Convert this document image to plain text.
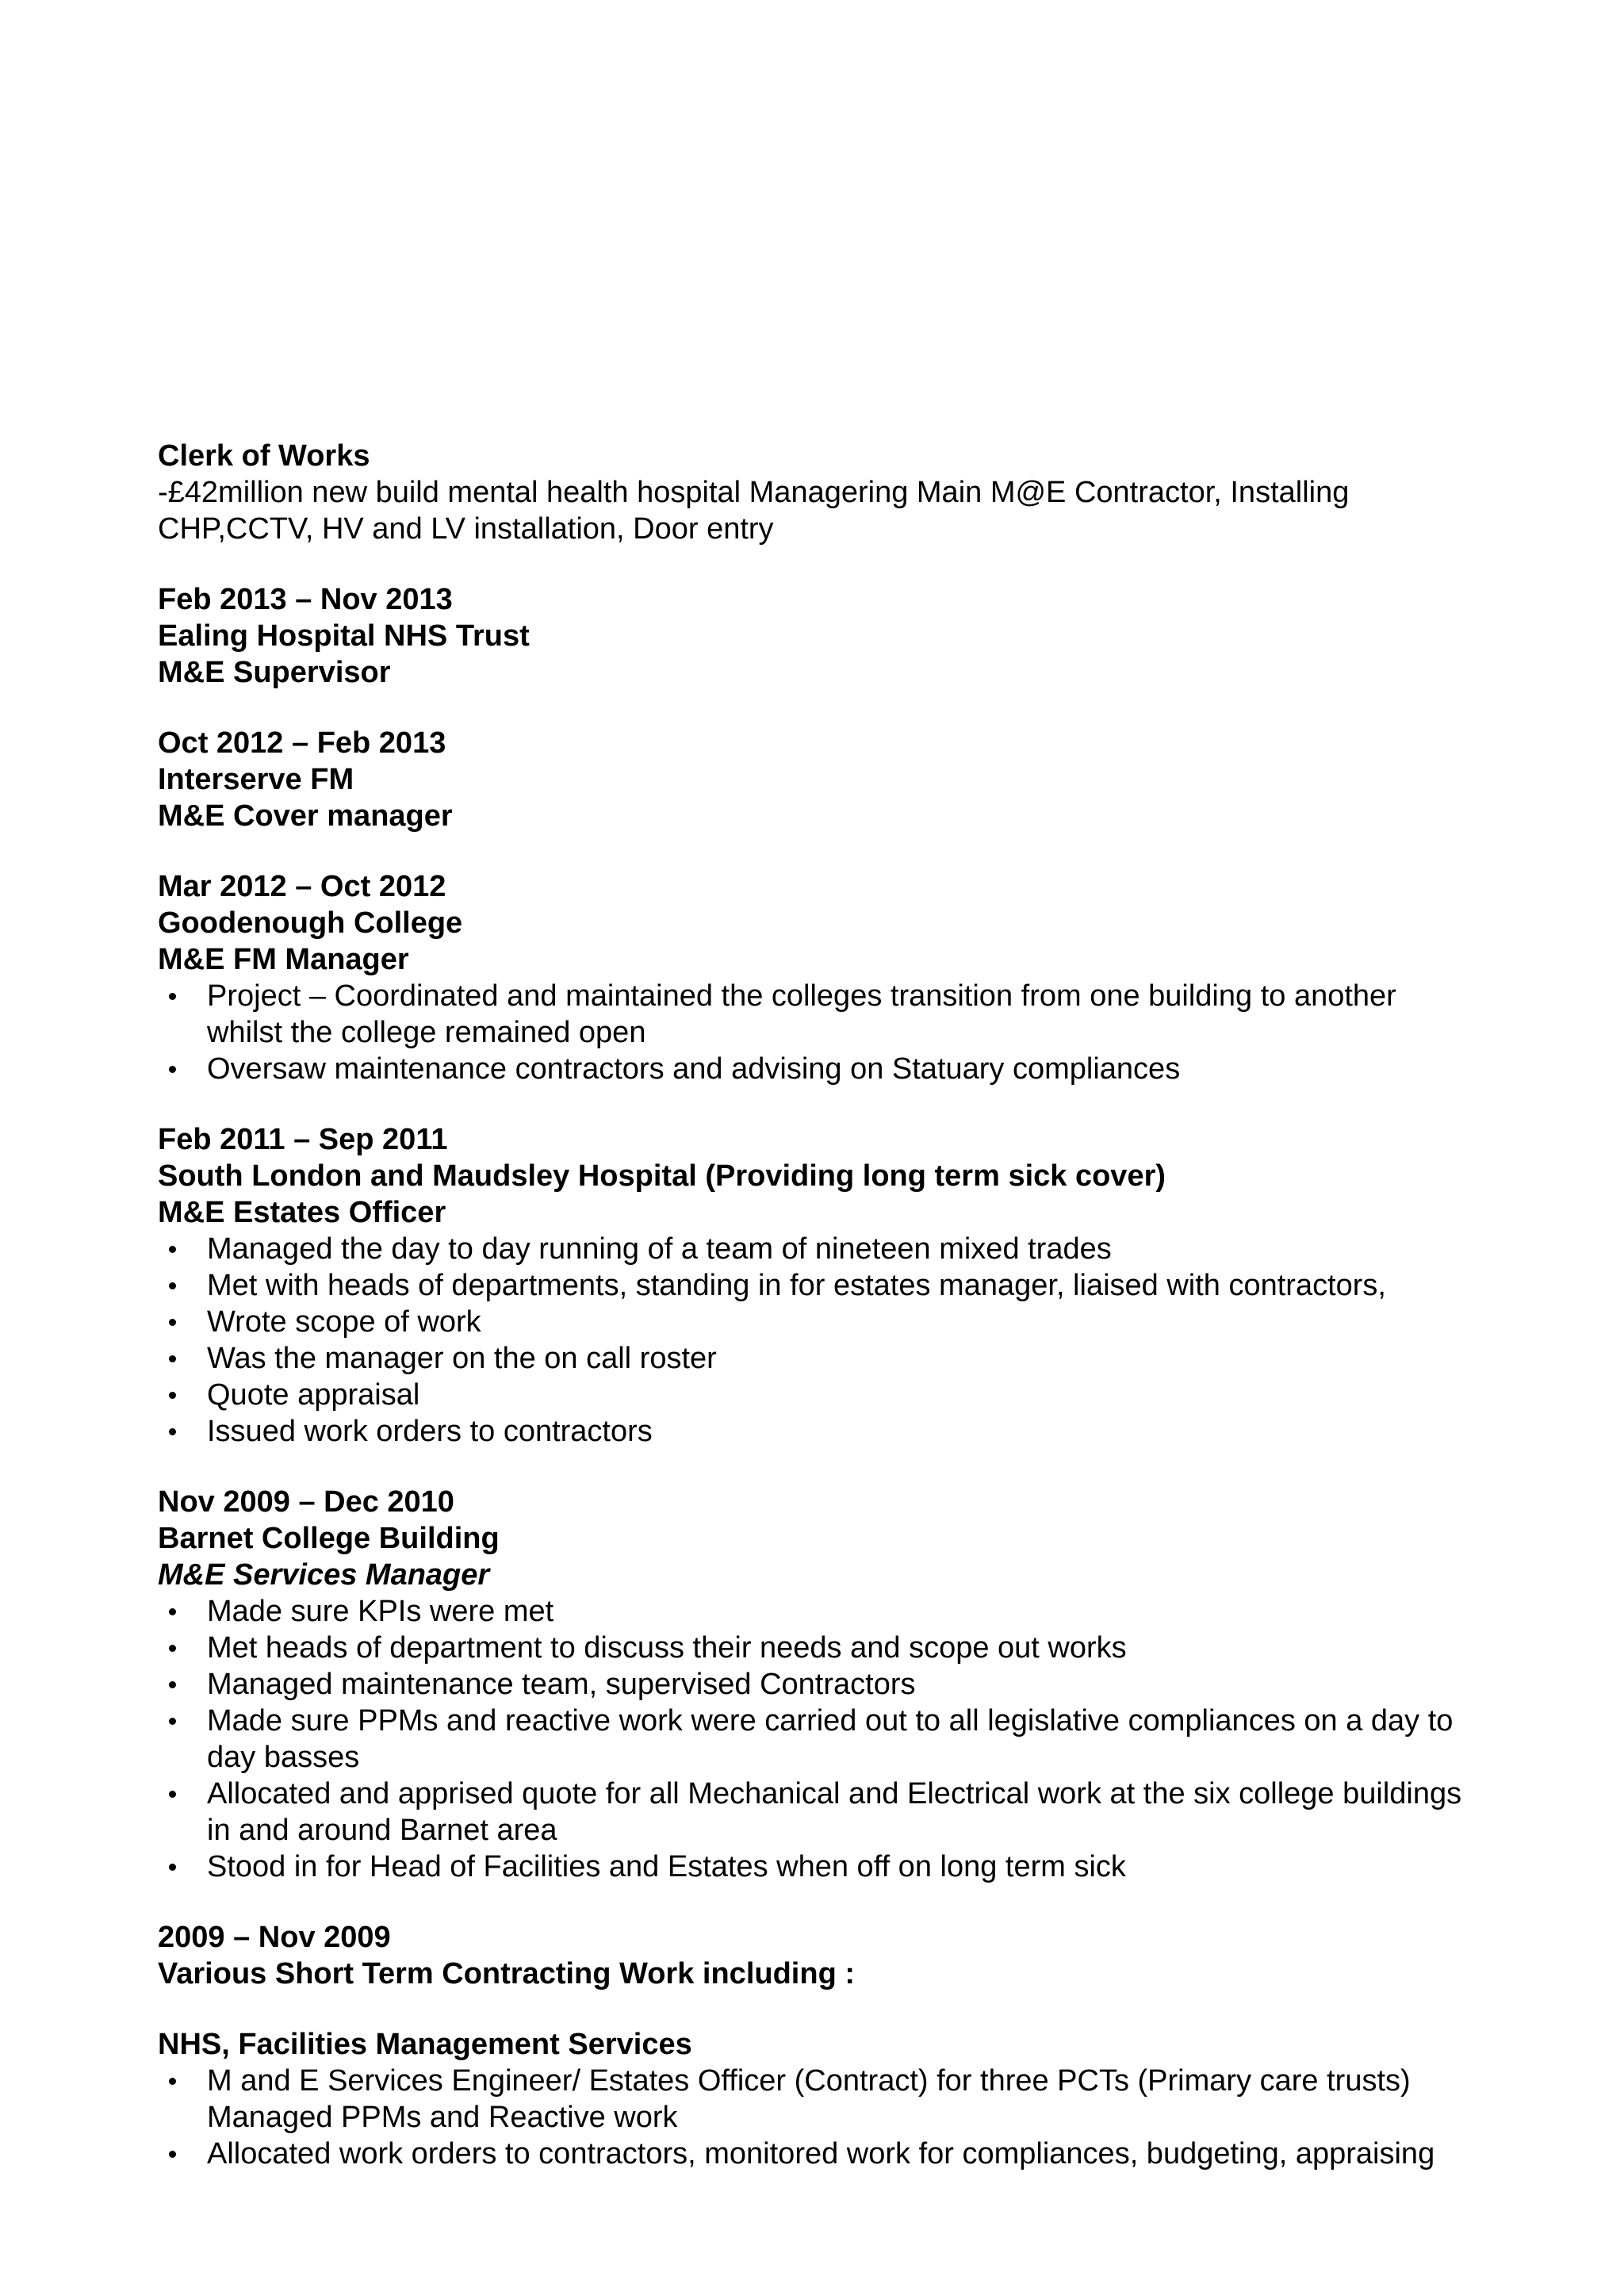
Clerk of Works
-£42million new build mental health hospital Managering Main M@E Contractor, Installing
CHP,CCTV, HV and LV installation, Door entry
Feb 2013 – Nov 2013
Ealing Hospital NHS Trust
M&E Supervisor
Oct 2012 – Feb 2013
Interserve FM
M&E Cover manager
Mar 2012 – Oct 2012
Goodenough College
M&E FM Manager
Project – Coordinated and maintained the colleges transition from one building to another
whilst the college remained open
Oversaw maintenance contractors and advising on Statuary compliances
Feb 2011 – Sep 2011
South London and Maudsley Hospital (Providing long term sick cover)
M&E Estates Officer
Managed the day to day running of a team of nineteen mixed trades
Met with heads of departments, standing in for estates manager, liaised with contractors,
Wrote scope of work
Was the manager on the on call roster
Quote appraisal
Issued work orders to contractors
Nov 2009 – Dec 2010
Barnet College Building
M&E Services Manager
Made sure KPIs were met
Met heads of department to discuss their needs and scope out works
Managed maintenance team, supervised Contractors
Made sure PPMs and reactive work were carried out to all legislative compliances on a day to
day basses
Allocated and apprised quote for all Mechanical and Electrical work at the six college buildings
in and around Barnet area
Stood in for Head of Facilities and Estates when off on long term sick
2009 – Nov 2009
Various Short Term Contracting Work including :
NHS, Facilities Management Services
M and E Services Engineer/ Estates Officer (Contract) for three PCTs (Primary care trusts)
Managed PPMs and Reactive work
Allocated work orders to contractors, monitored work for compliances, budgeting, appraising
